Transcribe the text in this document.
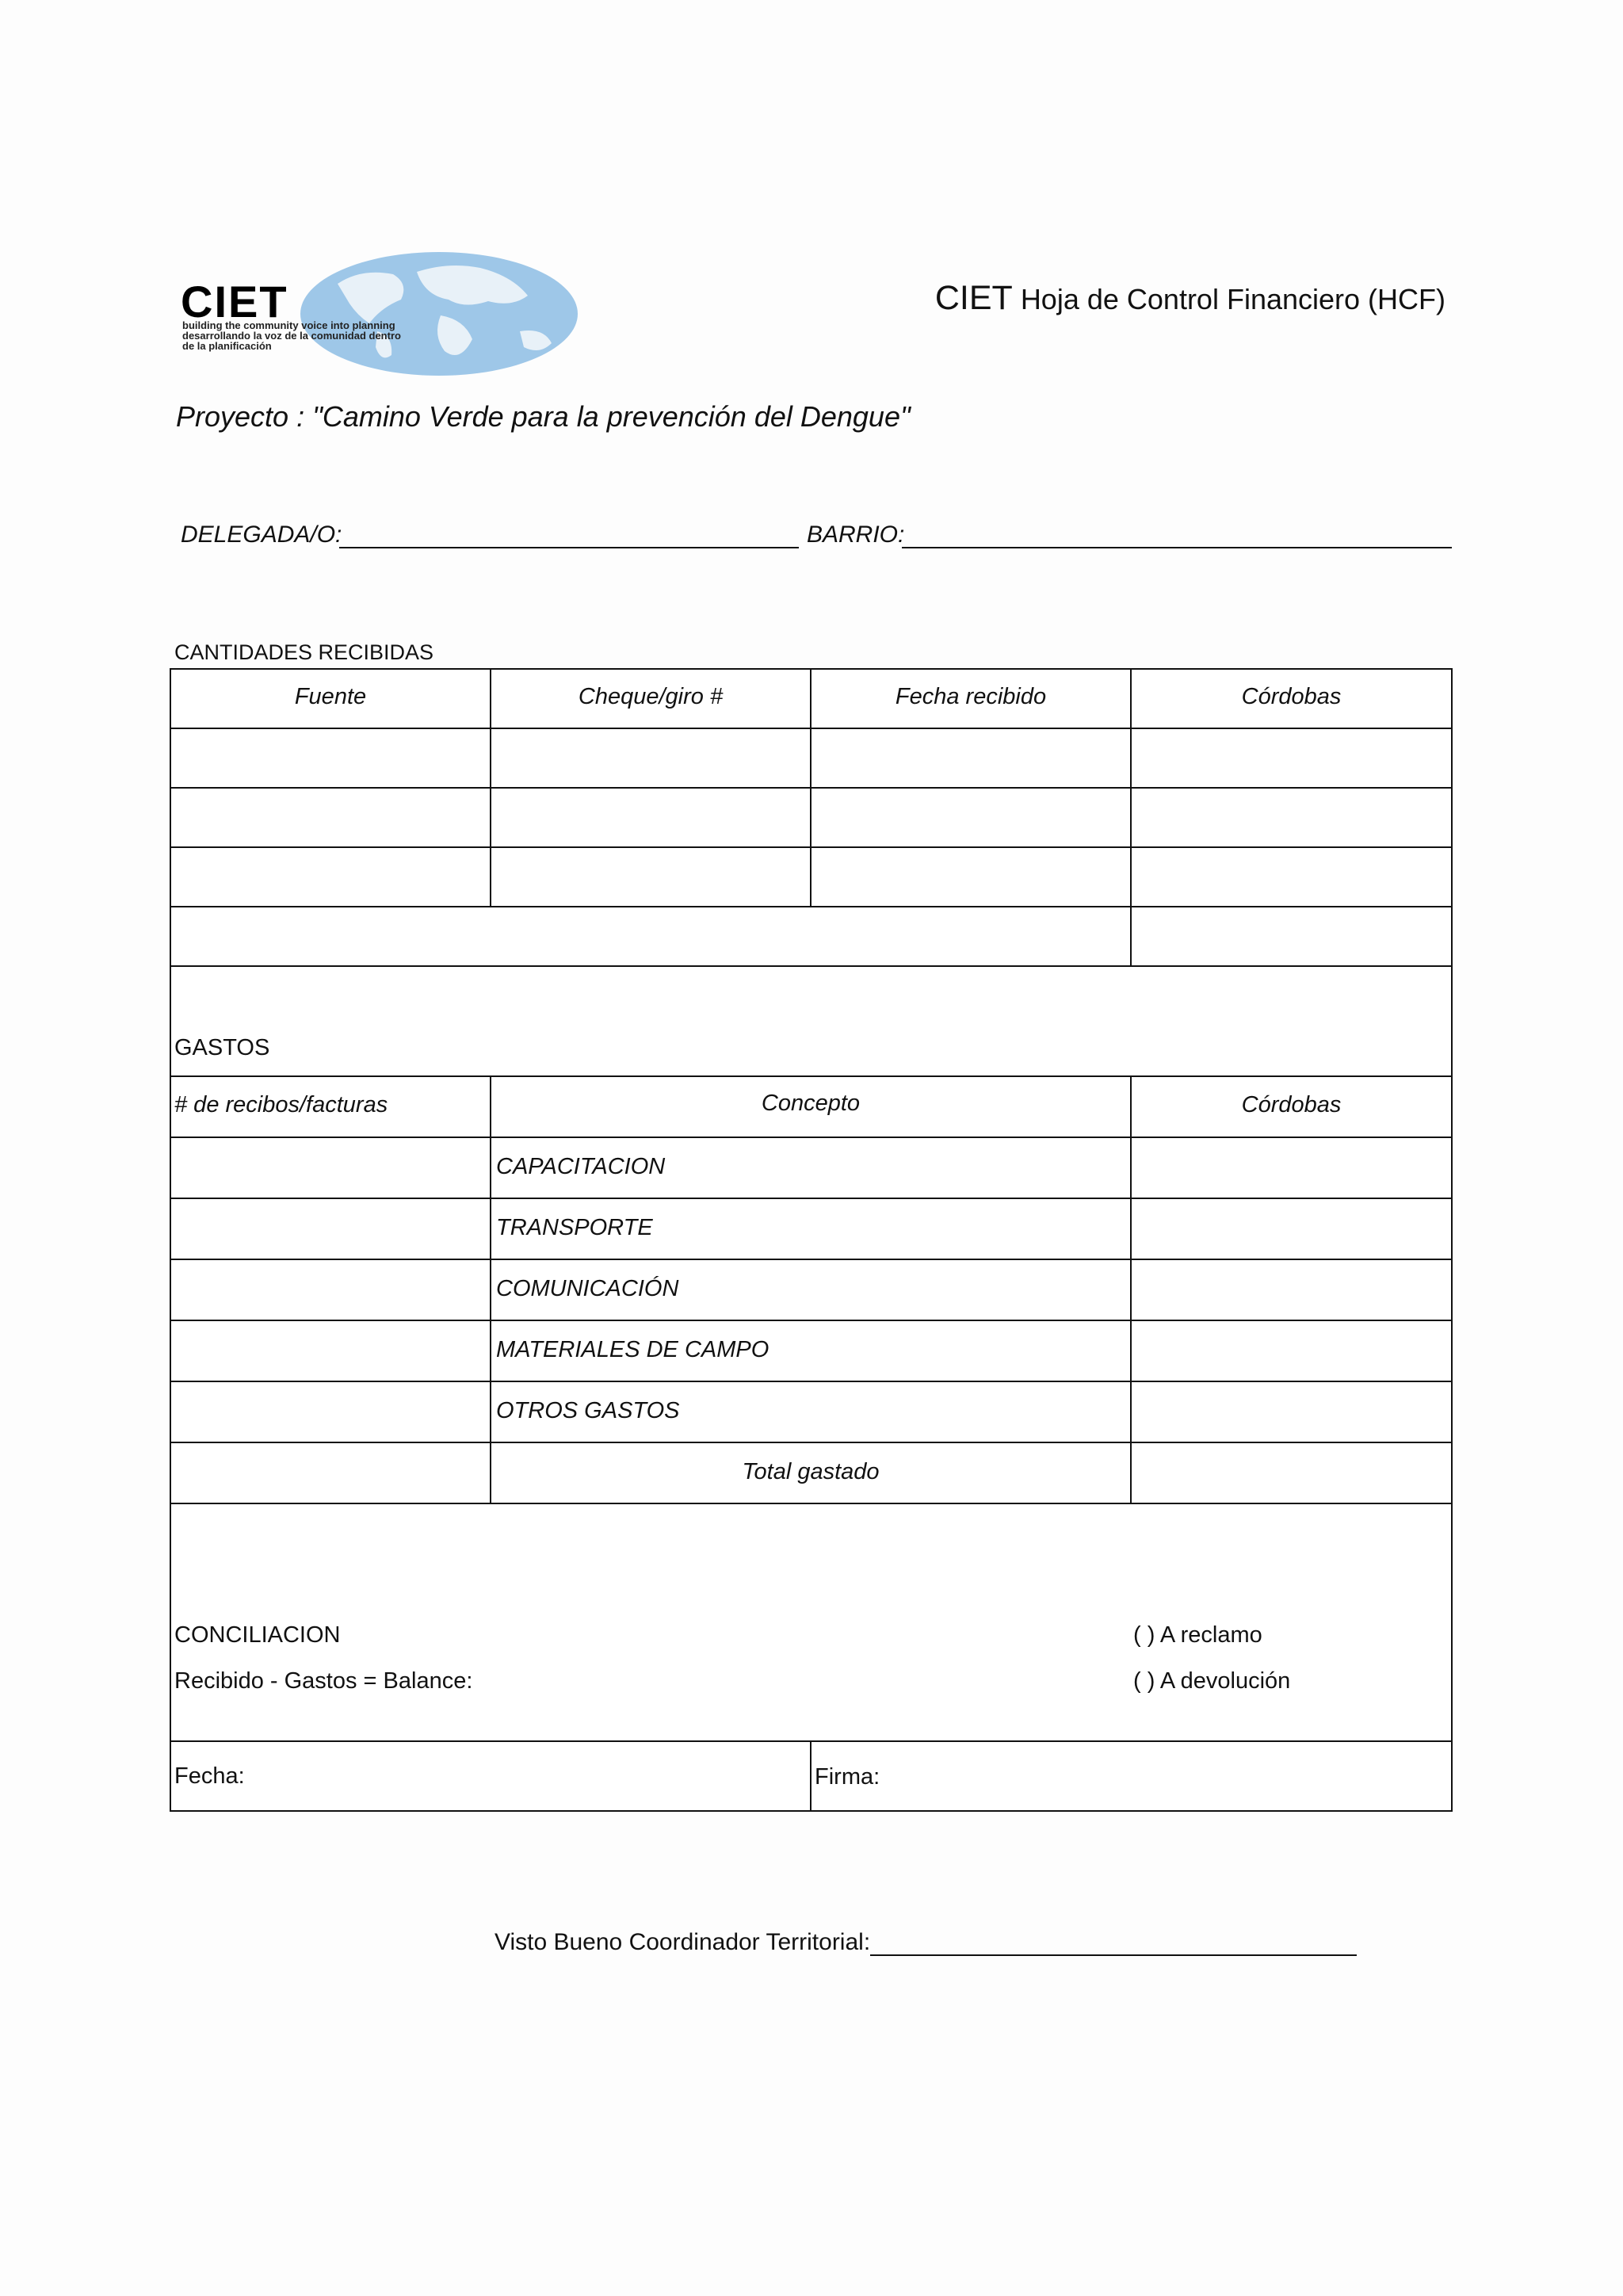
CIET
building the community voice into planning
desarrollando la voz de la comunidad dentro
de la planificación
CIET Hoja de Control Financiero (HCF)
Proyecto : "Camino Verde para la prevención del Dengue"
DELEGADA/O:	BARRIO:
CANTIDADES RECIBIDAS
Fuente	Cheque/giro #	Fecha recibido	Córdobas
GASTOS
# de recibos/facturas	Concepto	Córdobas
CAPACITACION
TRANSPORTE
COMUNICACIÓN
MATERIALES DE CAMPO
OTROS GASTOS
Total gastado
CONCILIACION
Recibido - Gastos = Balance:
( ) A reclamo
( ) A devolución
Fecha:	Firma:
Visto Bueno Coordinador Territorial:
